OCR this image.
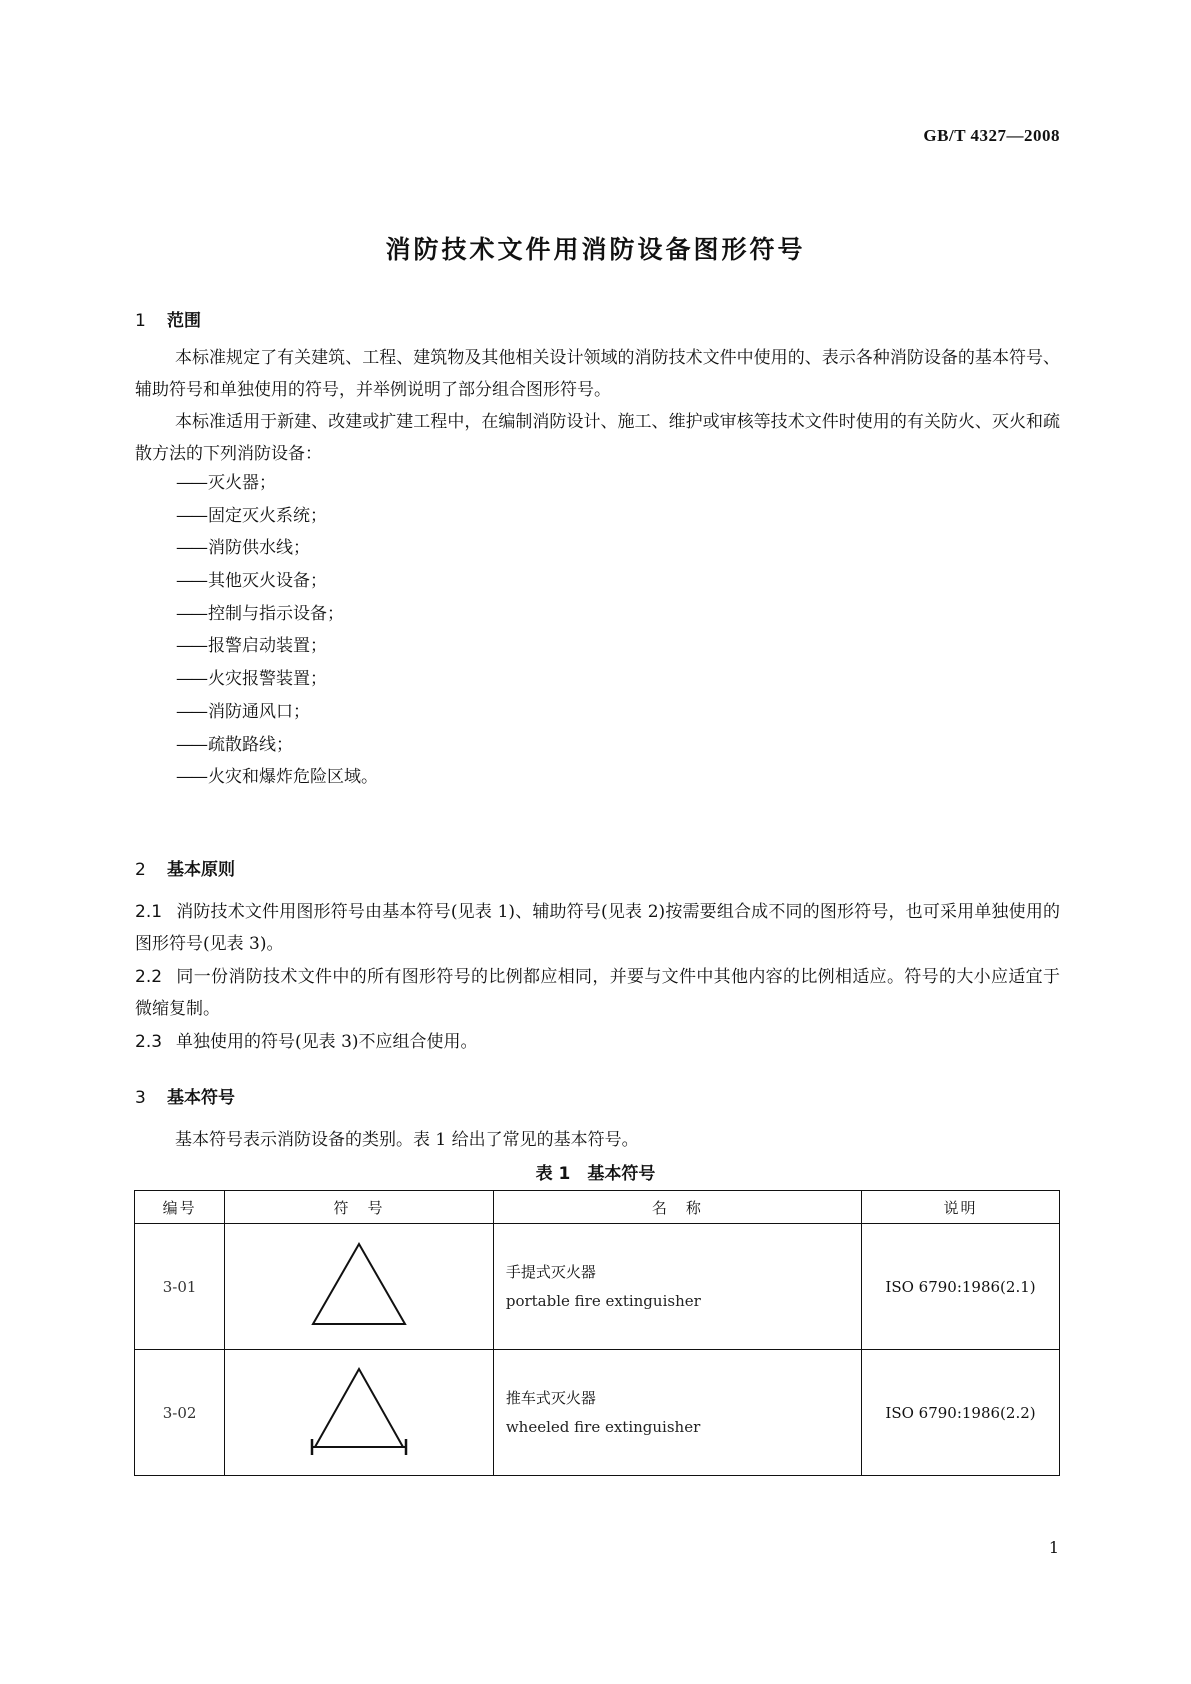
GB/T 4327—2008
消防技术文件用消防设备图形符号
1 范围

本标准规定了有关建筑、工程、建筑物及其他相关设计领域的消防技术文件中使用的、表示各种消防设备的基本符号、辅助符号和单独使用的符号，并举例说明了部分组合图形符号。

本标准适用于新建、改建或扩建工程中，在编制消防设计、施工、维护或审核等技术文件时使用的有关防火、灭火和疏散方法的下列消防设备：

—— 灭火器；
—— 固定灭火系统；
—— 消防供水线；
—— 其他灭火设备；
—— 控制与指示设备；
—— 报警启动装置；
—— 火灾报警装置；
—— 消防通风口；
—— 疏散路线；
—— 火灾和爆炸危险区域。
2 基本原则

2.1 消防技术文件用图形符号由基本符号(见表 1)、辅助符号(见表 2)按需要组合成不同的图形符号，也可采用单独使用的图形符号(见表 3)。

2.2 同一份消防技术文件中的所有图形符号的比例都应相同，并要与文件中其他内容的比例相适应。符号的大小应适宜于微缩复制。

2.3 单独使用的符号(见表 3)不应组合使用。

3 基本符号

基本符号表示消防设备的类别。表 1 给出了常见的基本符号。

表 1　基本符号
编号	符　号	名　称	说明
3-01		手提式灭火器
portable fire extinguisher	ISO 6790:1986(2.1)
3-02		推车式灭火器
wheeled fire extinguisher	ISO 6790:1986(2.2)
1
